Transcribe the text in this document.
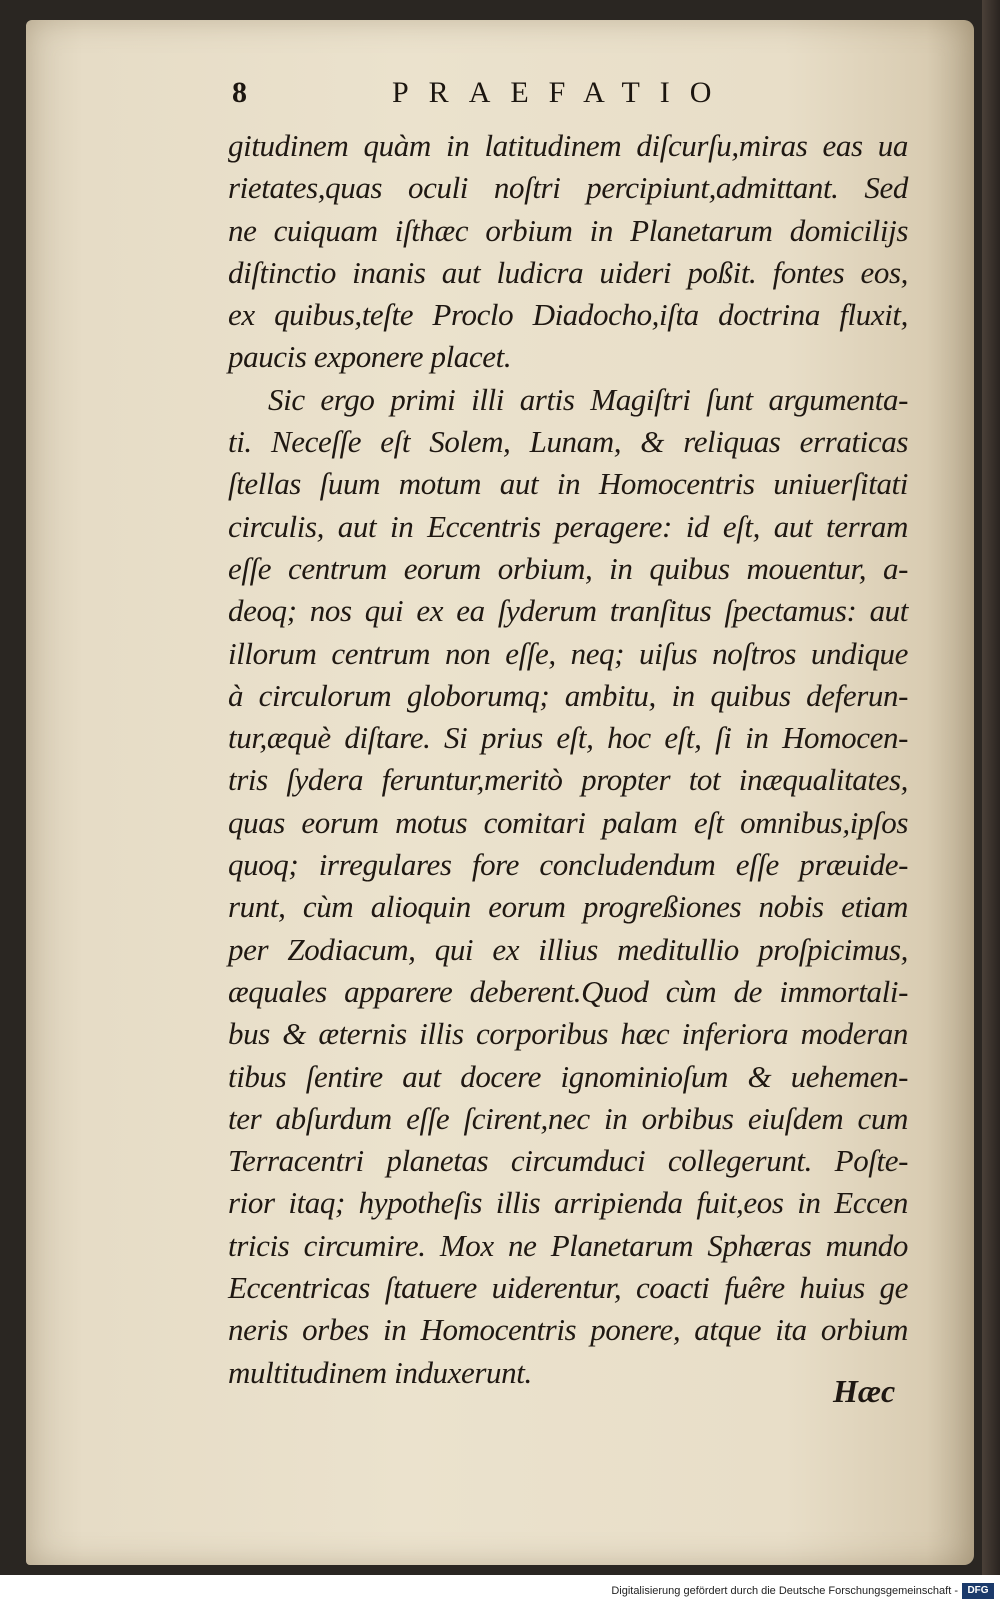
8	PRAEFATIO
gitudinem quàm in latitudinem diſcurſu,miras eas ua
rietates,quas oculi noſtri percipiunt,admittant. Sed
ne cuiquam iſthæc orbium in Planetarum domicilijs
diſtinctio inanis aut ludicra uideri poßit. fontes eos,
ex quibus,teſte Proclo Diadocho,iſta doctrina fluxit,
paucis exponere placet.
Sic ergo primi illi artis Magiſtri ſunt argumenta-
ti. Neceſſe eſt Solem, Lunam, & reliquas erraticas
ſtellas ſuum motum aut in Homocentris uniuerſitati
circulis, aut in Eccentris peragere: id eſt, aut terram
eſſe centrum eorum orbium, in quibus mouentur, a-
deoq; nos qui ex ea ſyderum tranſitus ſpectamus: aut
illorum centrum non eſſe, neq; uiſus noſtros undique
à circulorum globorumq; ambitu, in quibus deferun-
tur,æquè diſtare. Si prius eſt, hoc eſt, ſi in Homocen-
tris ſydera feruntur,meritò propter tot inæqualitates,
quas eorum motus comitari palam eſt omnibus,ipſos
quoq; irregulares fore concludendum eſſe præuide-
runt, cùm alioquin eorum progreßiones nobis etiam
per Zodiacum, qui ex illius meditullio proſpicimus,
æquales apparere deberent.Quod cùm de immortali-
bus & æternis illis corporibus hæc inferiora moderan
tibus ſentire aut docere ignominioſum & uehemen-
ter abſurdum eſſe ſcirent,nec in orbibus eiuſdem cum
Terracentri planetas circumduci collegerunt. Poſte-
rior itaq; hypotheſis illis arripienda fuit,eos in Eccen
tricis circumire. Mox ne Planetarum Sphæras mundo
Eccentricas ſtatuere uiderentur, coacti fuêre huius ge
neris orbes in Homocentris ponere, atque ita orbium
multitudinem induxerunt.
Hæc
Digitalisierung gefördert durch die Deutsche Forschungsgemeinschaft - DFG
